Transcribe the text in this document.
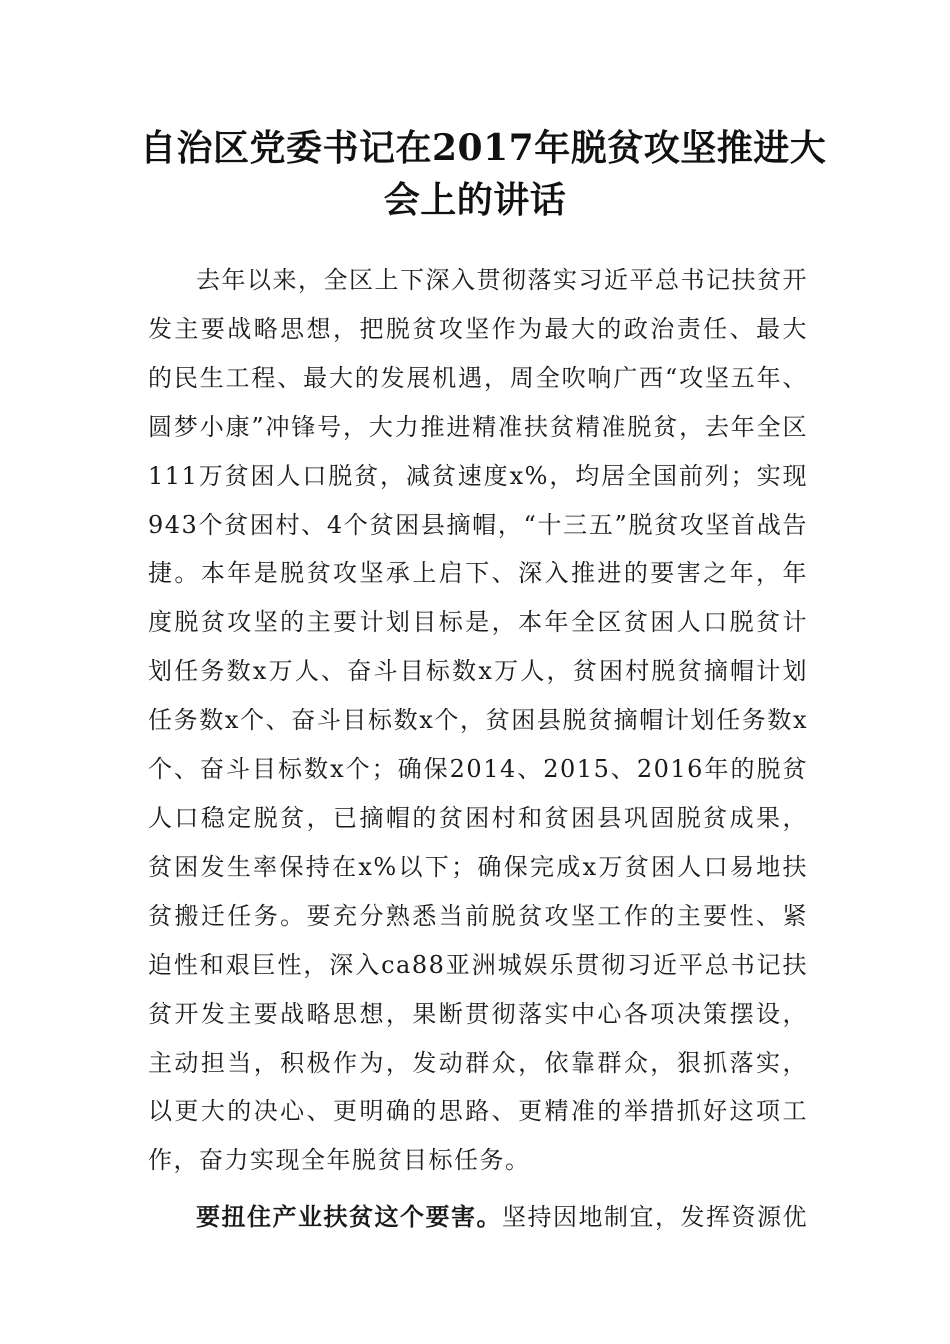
自治区党委书记在2017年脱贫攻坚推进大
会上的讲话

去年以来，全区上下深入贯彻落实习近平总书记扶贫开发主要战略思想，把脱贫攻坚作为最大的政治责任、最大的民生工程、最大的发展机遇，周全吹响广西“攻坚五年、圆梦小康”冲锋号，大力推进精准扶贫精准脱贫，去年全区111万贫困人口脱贫，减贫速度x%，均居全国前列；实现943个贫困村、4个贫困县摘帽，“十三五”脱贫攻坚首战告捷。本年是脱贫攻坚承上启下、深入推进的要害之年，年度脱贫攻坚的主要计划目标是，本年全区贫困人口脱贫计划任务数x万人、奋斗目标数x万人，贫困村脱贫摘帽计划任务数x个、奋斗目标数x个，贫困县脱贫摘帽计划任务数x个、奋斗目标数x个；确保2014、2015、2016年的脱贫人口稳定脱贫，已摘帽的贫困村和贫困县巩固脱贫成果，贫困发生率保持在x%以下；确保完成x万贫困人口易地扶贫搬迁任务。要充分熟悉当前脱贫攻坚工作的主要性、紧迫性和艰巨性，深入ca88亚洲城娱乐贯彻习近平总书记扶贫开发主要战略思想，果断贯彻落实中心各项决策摆设，主动担当，积极作为，发动群众，依靠群众，狠抓落实，以更大的决心、更明确的思路、更精准的举措抓好这项工作，奋力实现全年脱贫目标任务。

要扭住产业扶贫这个要害。坚持因地制宜，发挥资源优
